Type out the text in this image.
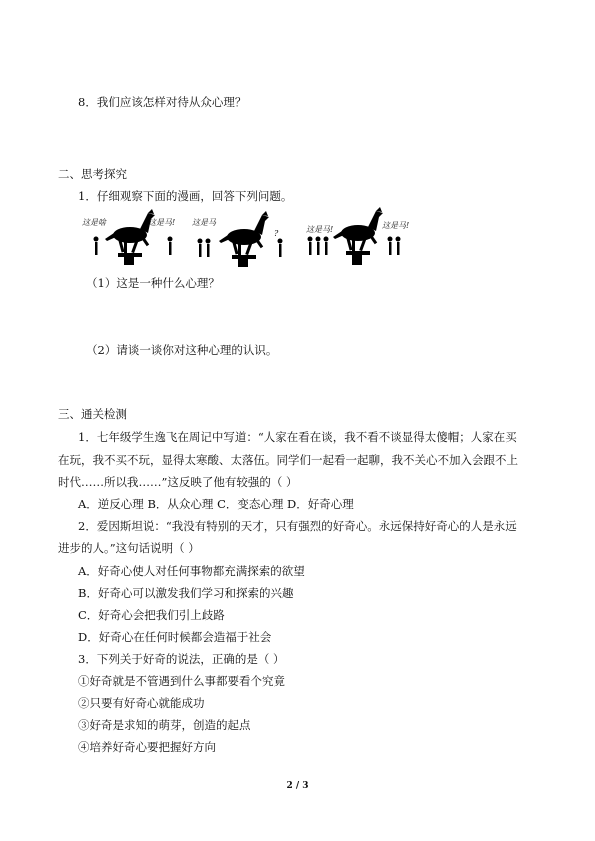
8．我们应该怎样对待从众心理？
二、思考探究
1．仔细观察下面的漫画，回答下列问题。
这是啥	这是马! 这是马
?	这是马!	这是马!
（1）这是一种什么心理？
（2）请谈一谈你对这种心理的认识。
三、通关检测
1．七年级学生逸飞在周记中写道：“人家在看在谈，我不看不谈显得太傻帽；人家在买
在玩，我不买不玩，显得太寒酸、太落伍。同学们一起看一起聊，我不关心不加入会跟不上
时代……所以我……”这反映了他有较强的（ ）
A．逆反心理 B．从众心理 C．变态心理 D．好奇心理
2．爱因斯坦说：“我没有特别的天才，只有强烈的好奇心。永远保持好奇心的人是永远
进步的人。”这句话说明（ ）
A．好奇心使人对任何事物都充满探索的欲望
B．好奇心可以激发我们学习和探索的兴趣
C．好奇心会把我们引上歧路
D．好奇心在任何时候都会造福于社会
3．下列关于好奇的说法，正确的是（ ）
①好奇就是不管遇到什么事都要看个究竟
②只要有好奇心就能成功
③好奇是求知的萌芽，创造的起点
④培养好奇心要把握好方向
2 / 3
